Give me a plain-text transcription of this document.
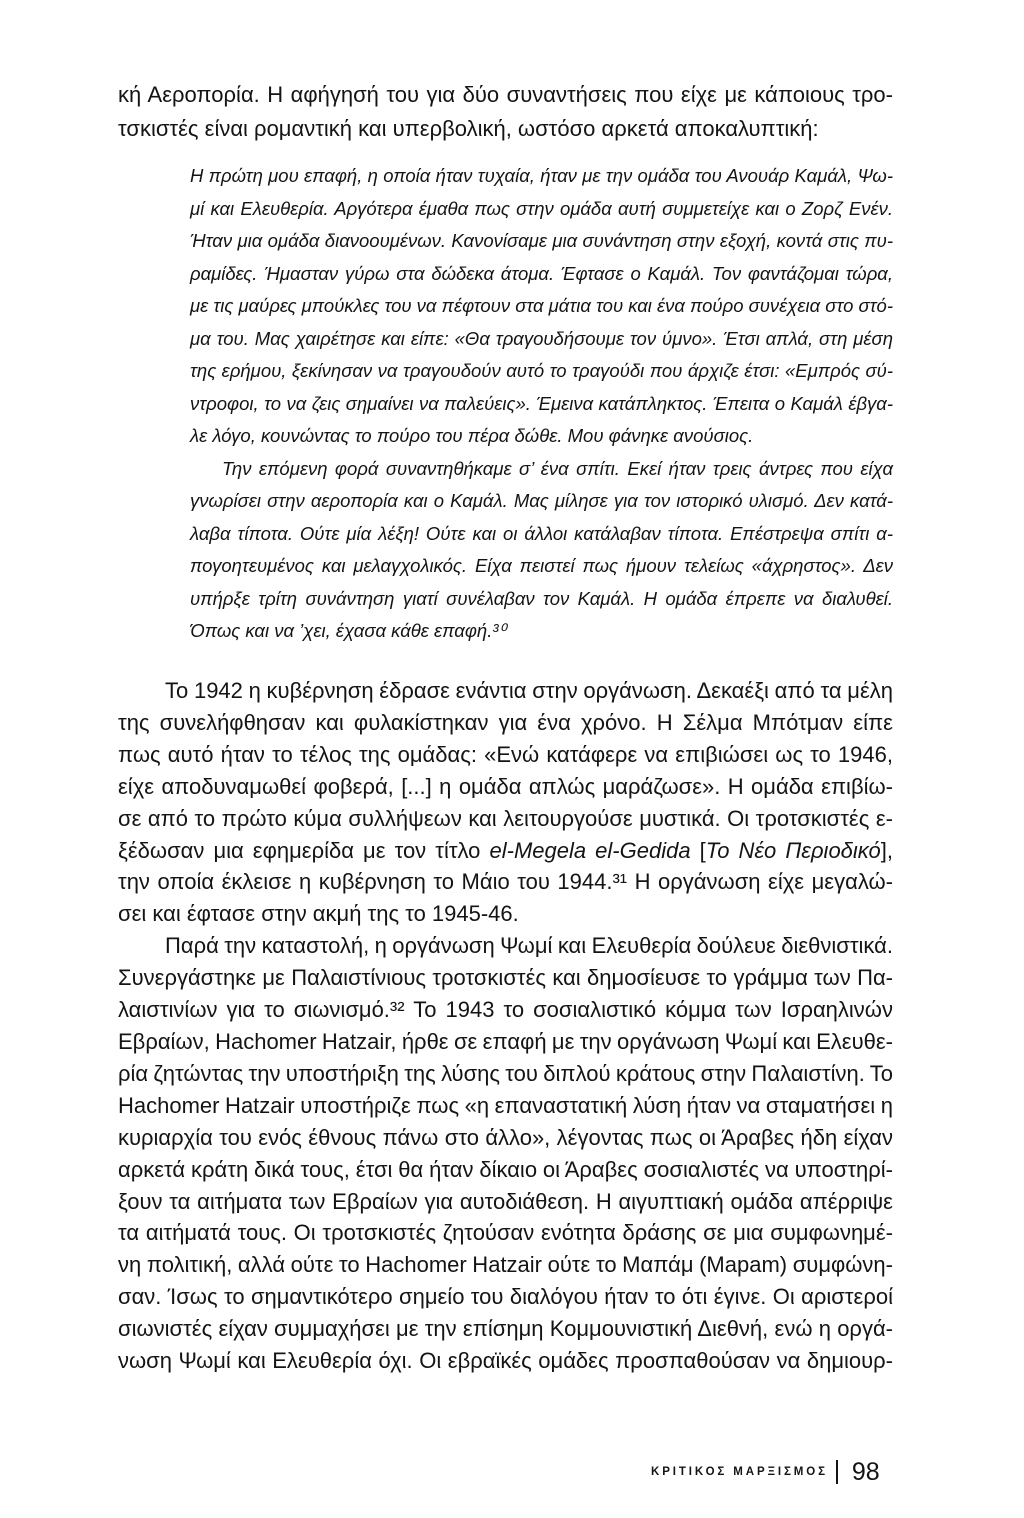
κή Αεροπορία. Η αφήγησή του για δύο συναντήσεις που είχε με κάποιους τρο-
τσκιστές είναι ρομαντική και υπερβολική, ωστόσο αρκετά αποκαλυπτική:
Η πρώτη μου επαφή, η οποία ήταν τυχαία, ήταν με την ομάδα του Ανουάρ Καμάλ, Ψω-
μί και Ελευθερία. Αργότερα έμαθα πως στην ομάδα αυτή συμμετείχε και ο Ζορζ Ενέν.
Ήταν μια ομάδα διανοουμένων. Κανονίσαμε μια συνάντηση στην εξοχή, κοντά στις πυ-
ραμίδες. Ήμασταν γύρω στα δώδεκα άτομα. Έφτασε ο Καμάλ. Τον φαντάζομαι τώρα,
με τις μαύρες μπούκλες του να πέφτουν στα μάτια του και ένα πούρο συνέχεια στο στό-
μα του. Μας χαιρέτησε και είπε: «Θα τραγουδήσουμε τον ύμνο». Έτσι απλά, στη μέση
της ερήμου, ξεκίνησαν να τραγουδούν αυτό το τραγούδι που άρχιζε έτσι: «Εμπρός σύ-
ντροφοι, το να ζεις σημαίνει να παλεύεις». Έμεινα κατάπληκτος. Έπειτα ο Καμάλ έβγα-
λε λόγο, κουνώντας το πούρο του πέρα δώθε. Μου φάνηκε ανούσιος.
Την επόμενη φορά συναντηθήκαμε σ’ ένα σπίτι. Εκεί ήταν τρεις άντρες που είχα
γνωρίσει στην αεροπορία και ο Καμάλ. Μας μίλησε για τον ιστορικό υλισμό. Δεν κατά-
λαβα τίποτα. Ούτε μία λέξη! Ούτε και οι άλλοι κατάλαβαν τίποτα. Επέστρεψα σπίτι α-
πογοητευμένος και μελαγχολικός. Είχα πειστεί πως ήμουν τελείως «άχρηστος». Δεν
υπήρξε τρίτη συνάντηση γιατί συνέλαβαν τον Καμάλ. Η ομάδα έπρεπε να διαλυθεί.
Όπως και να ’χει, έχασα κάθε επαφή.³⁰
Το 1942 η κυβέρνηση έδρασε ενάντια στην οργάνωση. Δεκαέξι από τα μέλη
της συνελήφθησαν και φυλακίστηκαν για ένα χρόνο. Η Σέλμα Μπότμαν είπε
πως αυτό ήταν το τέλος της ομάδας: «Ενώ κατάφερε να επιβιώσει ως το 1946,
είχε αποδυναμωθεί φοβερά, [...] η ομάδα απλώς μαράζωσε». Η ομάδα επιβίω-
σε από το πρώτο κύμα συλλήψεων και λειτουργούσε μυστικά. Οι τροτσκιστές ε-
ξέδωσαν μια εφημερίδα με τον τίτλο el-Megela el-Gedida [Το Νέο Περιοδικό],
την οποία έκλεισε η κυβέρνηση το Μάιο του 1944.³¹ Η οργάνωση είχε μεγαλώ-
σει και έφτασε στην ακμή της το 1945-46.
Παρά την καταστολή, η οργάνωση Ψωμί και Ελευθερία δούλευε διεθνιστικά.
Συνεργάστηκε με Παλαιστίνιους τροτσκιστές και δημοσίευσε το γράμμα των Πα-
λαιστινίων για το σιωνισμό.³² Το 1943 το σοσιαλιστικό κόμμα των Ισραηλινών
Εβραίων, Hachomer Hatzair, ήρθε σε επαφή με την οργάνωση Ψωμί και Ελευθε-
ρία ζητώντας την υποστήριξη της λύσης του διπλού κράτους στην Παλαιστίνη. Το
Hachomer Hatzair υποστήριζε πως «η επαναστατική λύση ήταν να σταματήσει η
κυριαρχία του ενός έθνους πάνω στο άλλο», λέγοντας πως οι Άραβες ήδη είχαν
αρκετά κράτη δικά τους, έτσι θα ήταν δίκαιο οι Άραβες σοσιαλιστές να υποστηρί-
ξουν τα αιτήματα των Εβραίων για αυτοδιάθεση. Η αιγυπτιακή ομάδα απέρριψε
τα αιτήματά τους. Οι τροτσκιστές ζητούσαν ενότητα δράσης σε μια συμφωνημέ-
νη πολιτική, αλλά ούτε το Hachomer Hatzair ούτε το Μαπάμ (Mapam) συμφώνη-
σαν. Ίσως το σημαντικότερο σημείο του διαλόγου ήταν το ότι έγινε. Οι αριστεροί
σιωνιστές είχαν συμμαχήσει με την επίσημη Κομμουνιστική Διεθνή, ενώ η οργά-
νωση Ψωμί και Ελευθερία όχι. Οι εβραϊκές ομάδες προσπαθούσαν να δημιουρ-
ΚΡΙΤΙΚΟΣ ΜΑΡΞΙΣΜΟΣ 98
